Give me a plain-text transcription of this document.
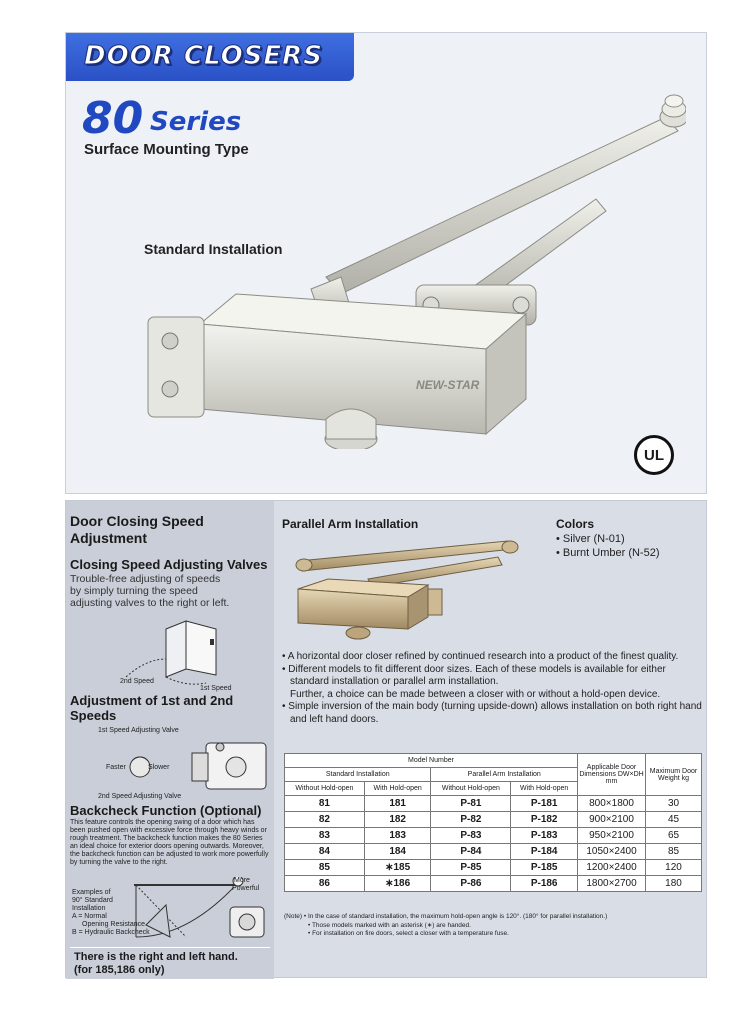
DOOR CLOSERS
80 Series
Surface Mounting Type
Standard Installation
NEW-STAR
UL
Door Closing Speed Adjustment
Closing Speed Adjusting Valves
Trouble-free adjusting of speeds by simply turning the speed adjusting valves to the right or left.
2nd Speed
1st Speed
Adjustment of 1st and 2nd Speeds
1st Speed Adjusting Valve
Faster	Slower
2nd Speed Adjusting Valve
Backcheck Function (Optional)
This feature controls the opening swing of a door which has been pushed open with excessive force through heavy winds or rough treatment. The backcheck function makes the 80 Series an ideal choice for exterior doors opening outwards. Moreover, the backcheck function can be adjusted to work more powerfully by turning the valve to the right.
Examples of
90° Standard
Installation
A = Normal
Opening Resistance
B = Hydraulic Backcheck
More
Powerful
There is the right and left hand.
(for 185,186 only)
Parallel Arm Installation	Colors
• Silver (N-01)
• Burnt Umber (N-52)
• A horizontal door closer refined by continued research into a product of the finest quality.
• Different models to fit different door sizes. Each of these models is available for either standard installation or parallel arm installation.
Further, a choice can be made between a closer with or without a hold-open device.
• Simple inversion of the main body (turning upside-down) allows installation on both right hand and left hand doors.
Model Number				Applicable Door Dimensions DW×DH mm	Maximum Door Weight kg
Standard Installation		Parallel Arm Installation			
Without Hold-open	With Hold-open	Without Hold-open	With Hold-open		
81	181	P-81	P-181	800×1800	30
82	182	P-82	P-182	900×2100	45
83	183	P-83	P-183	950×2100	65
84	184	P-84	P-184	1050×2400	85
85	∗185	P-85	P-185	1200×2400	120
86	∗186	P-86	P-186	1800×2700	180
(Note) • In the case of standard installation, the maximum hold-open angle is 120°. (180° for parallel installation.)
• Those models marked with an asterisk (∗) are handed.
• For installation on fire doors, select a closer with a temperature fuse.
